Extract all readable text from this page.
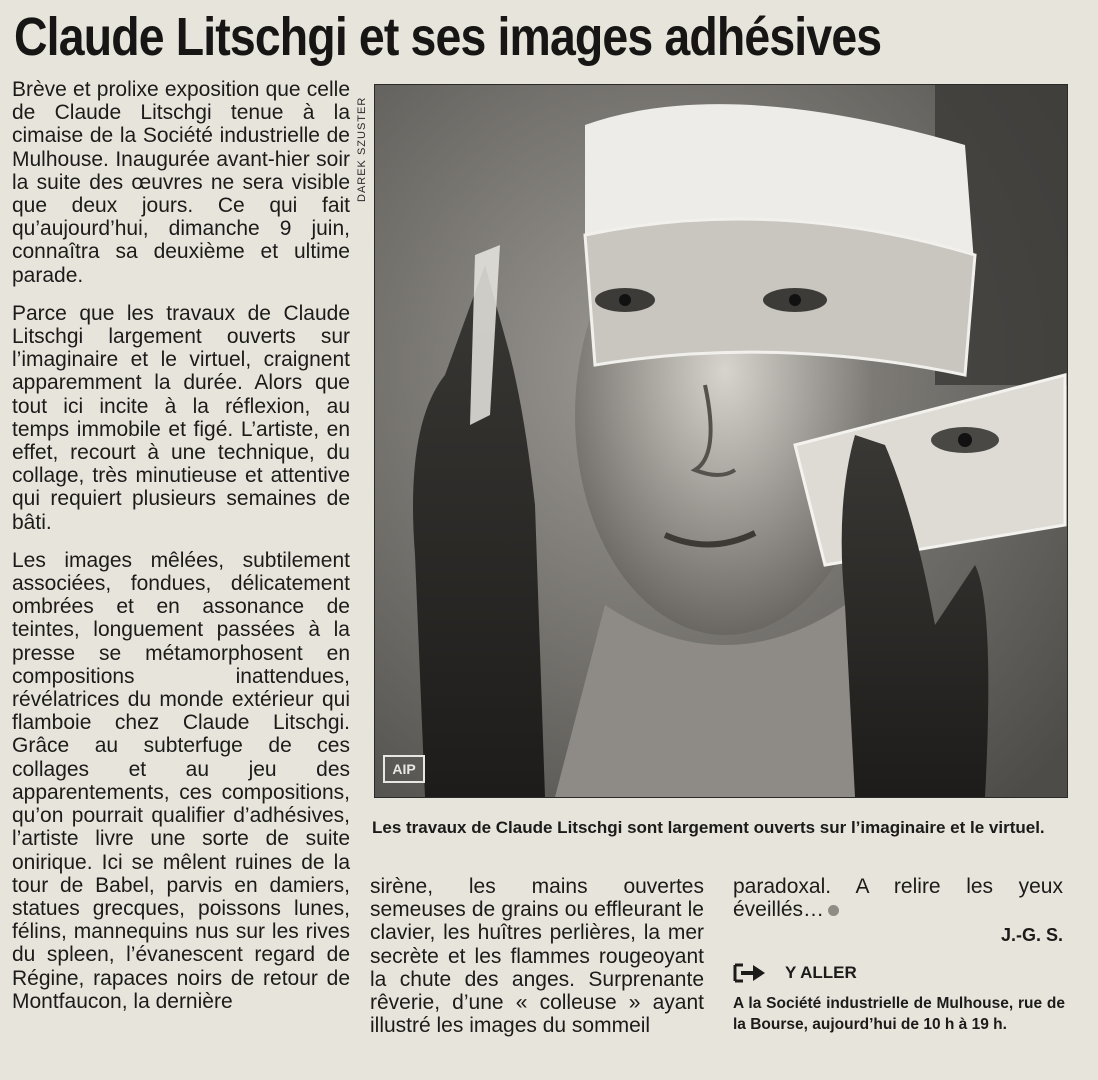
Claude Litschgi et ses images adhésives

Brève et prolixe exposition que celle de Claude Litschgi tenue à la cimaise de la Société industrielle de Mulhouse. Inaugurée avant-hier soir la suite des œuvres ne sera visible que deux jours. Ce qui fait qu’aujourd’hui, dimanche 9 juin, connaîtra sa deuxième et ultime parade.

Parce que les travaux de Claude Litschgi largement ouverts sur l’imaginaire et le virtuel, craignent apparemment la durée. Alors que tout ici incite à la réflexion, au temps immobile et figé. L’artiste, en effet, recourt à une technique, du collage, très minutieuse et attentive qui requiert plusieurs semaines de bâti.

Les images mêlées, subtilement associées, fondues, délicatement ombrées et en assonance de teintes, longuement passées à la presse se métamorphosent en compositions inattendues, révélatrices du monde extérieur qui flamboie chez Claude Litschgi. Grâce au subterfuge de ces collages et au jeu des apparentements, ces compositions, qu’on pourrait qualifier d’adhésives, l’artiste livre une sorte de suite onirique. Ici se mêlent ruines de la tour de Babel, parvis en damiers, statues grecques, poissons lunes, félins, mannequins nus sur les rives du spleen, l’évanescent regard de Régine, rapaces noirs de retour de Montfaucon, la dernière

DAREK SZUSTER
AIP
Les travaux de Claude Litschgi sont largement ouverts sur l’imaginaire et le virtuel.

sirène, les mains ouvertes semeuses de grains ou effleurant le clavier, les huîtres perlières, la mer secrète et les flammes rougeoyant la chute des anges. Surprenante rêverie, d’une « colleuse » ayant illustré les images du sommeil

paradoxal. A relire les yeux éveillés…

J.-G. S.
Y ALLER
A la Société industrielle de Mulhouse, rue de la Bourse, aujourd’hui de 10 h à 19 h.
